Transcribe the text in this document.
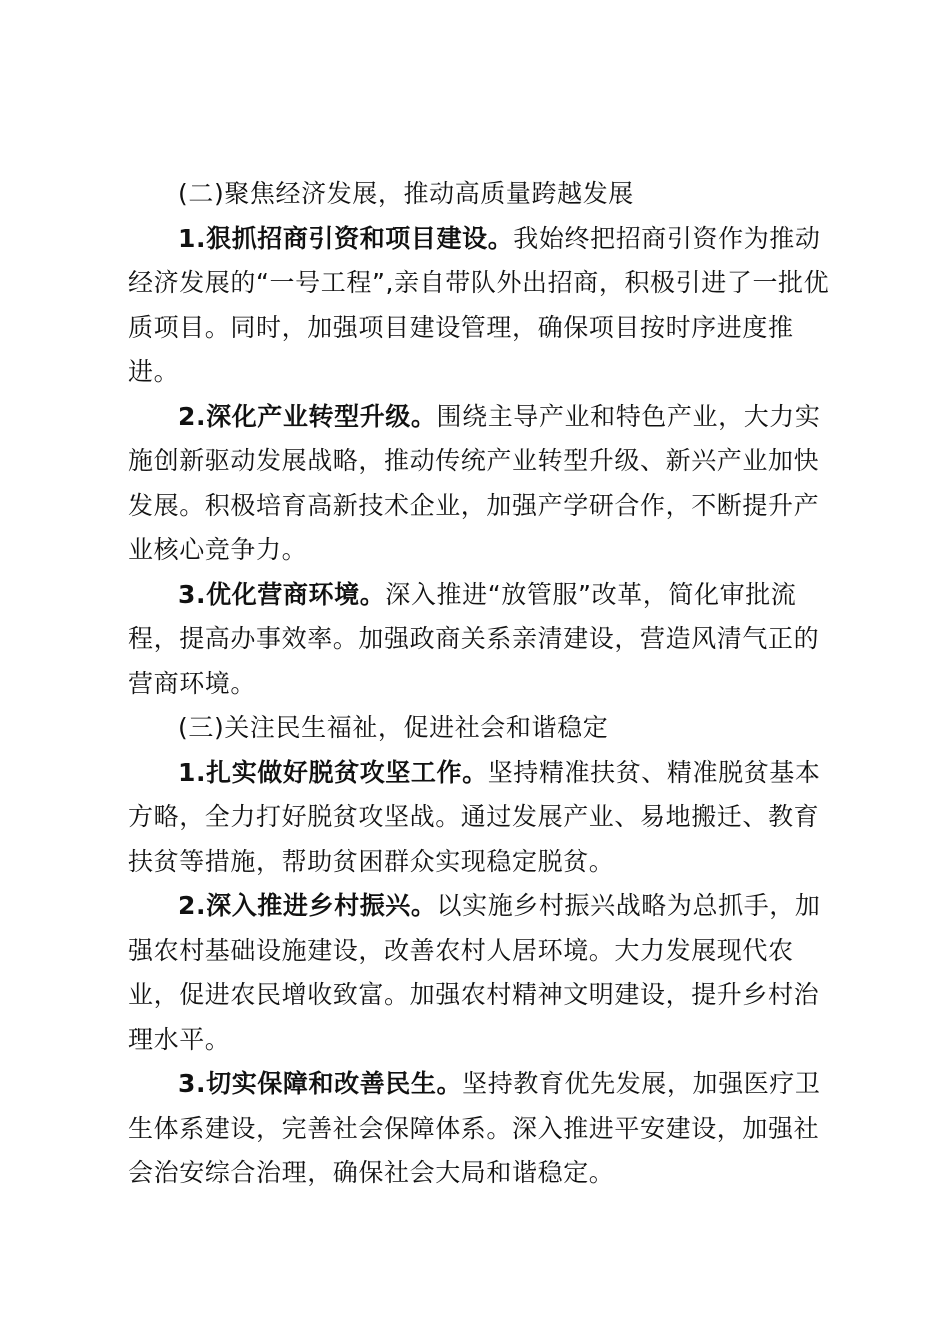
(二)聚焦经济发展，推动高质量跨越发展

1.狠抓招商引资和项目建设。我始终把招商引资作为推动经济发展的“一号工程”,亲自带队外出招商，积极引进了一批优质项目。同时，加强项目建设管理，确保项目按时序进度推进。

2.深化产业转型升级。围绕主导产业和特色产业，大力实施创新驱动发展战略，推动传统产业转型升级、新兴产业加快发展。积极培育高新技术企业，加强产学研合作，不断提升产业核心竞争力。

3.优化营商环境。深入推进“放管服”改革，简化审批流程，提高办事效率。加强政商关系亲清建设，营造风清气正的营商环境。

(三)关注民生福祉，促进社会和谐稳定

1.扎实做好脱贫攻坚工作。坚持精准扶贫、精准脱贫基本方略，全力打好脱贫攻坚战。通过发展产业、易地搬迁、教育扶贫等措施，帮助贫困群众实现稳定脱贫。

2.深入推进乡村振兴。以实施乡村振兴战略为总抓手，加强农村基础设施建设，改善农村人居环境。大力发展现代农业，促进农民增收致富。加强农村精神文明建设，提升乡村治理水平。

3.切实保障和改善民生。坚持教育优先发展，加强医疗卫生体系建设，完善社会保障体系。深入推进平安建设，加强社会治安综合治理，确保社会大局和谐稳定。
